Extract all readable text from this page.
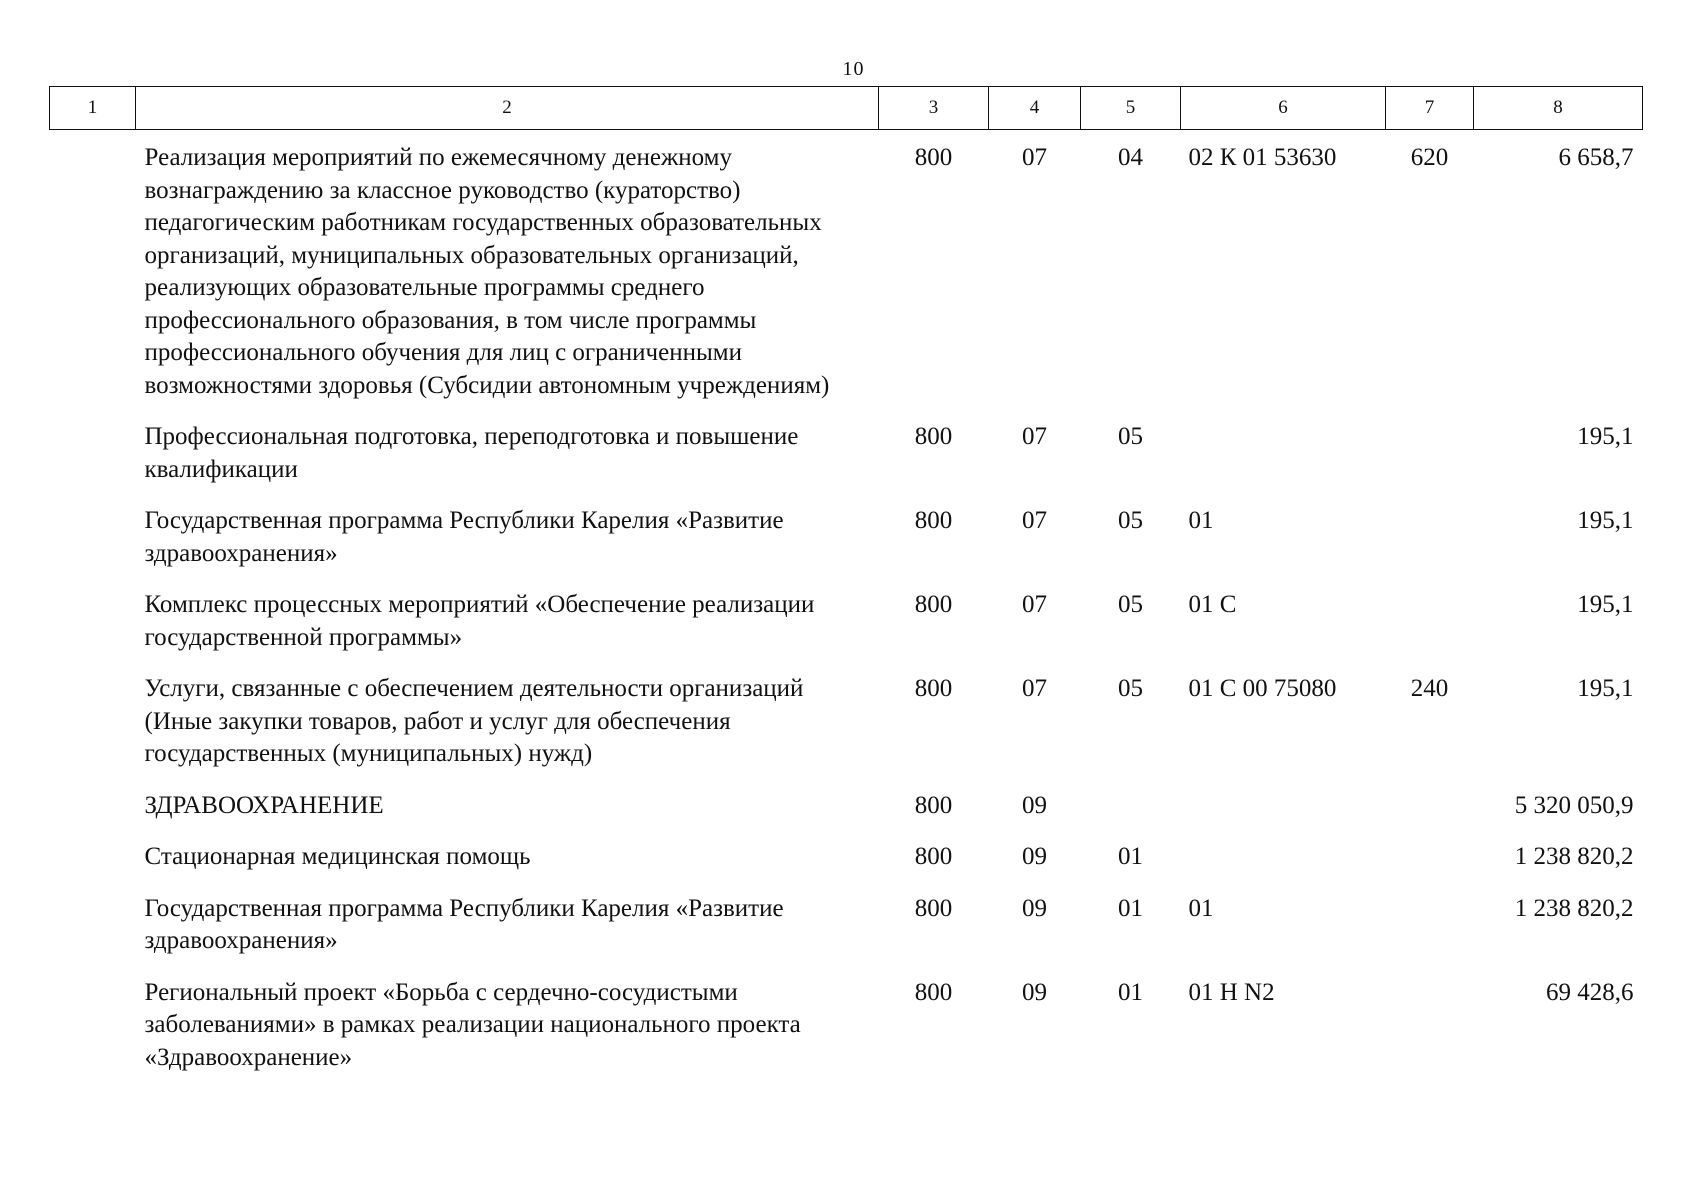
10
1	2	3	4	5	6	7	8
	Реализация мероприятий по ежемесячному денежному вознаграждению за классное руководство (кураторство) педагогическим работникам государственных образовательных организаций, муниципальных образовательных организаций, реализующих образовательные программы среднего профессионального образования, в том числе программы профессионального обучения для лиц с ограниченными возможностями здоровья (Субсидии автономным учреждениям)	800	07	04	02 К 01 53630	620	6 658,7
	Профессиональная подготовка, переподготовка и повышение квалификации	800	07	05			195,1
	Государственная программа Республики Карелия «Развитие здравоохранения»	800	07	05	01		195,1
	Комплекс процессных мероприятий «Обеспечение реализации государственной программы»	800	07	05	01 С		195,1
	Услуги, связанные с обеспечением деятельности организаций (Иные закупки товаров, работ и услуг для обеспечения государственных (муниципальных) нужд)	800	07	05	01 С 00 75080	240	195,1
	ЗДРАВООХРАНЕНИЕ	800	09				5 320 050,9
	Стационарная медицинская помощь	800	09	01			1 238 820,2
	Государственная программа Республики Карелия «Развитие здравоохранения»	800	09	01	01		1 238 820,2
	Региональный проект «Борьба с сердечно-сосудистыми заболеваниями» в рамках реализации национального проекта «Здравоохранение»	800	09	01	01 Н N2		69 428,6
